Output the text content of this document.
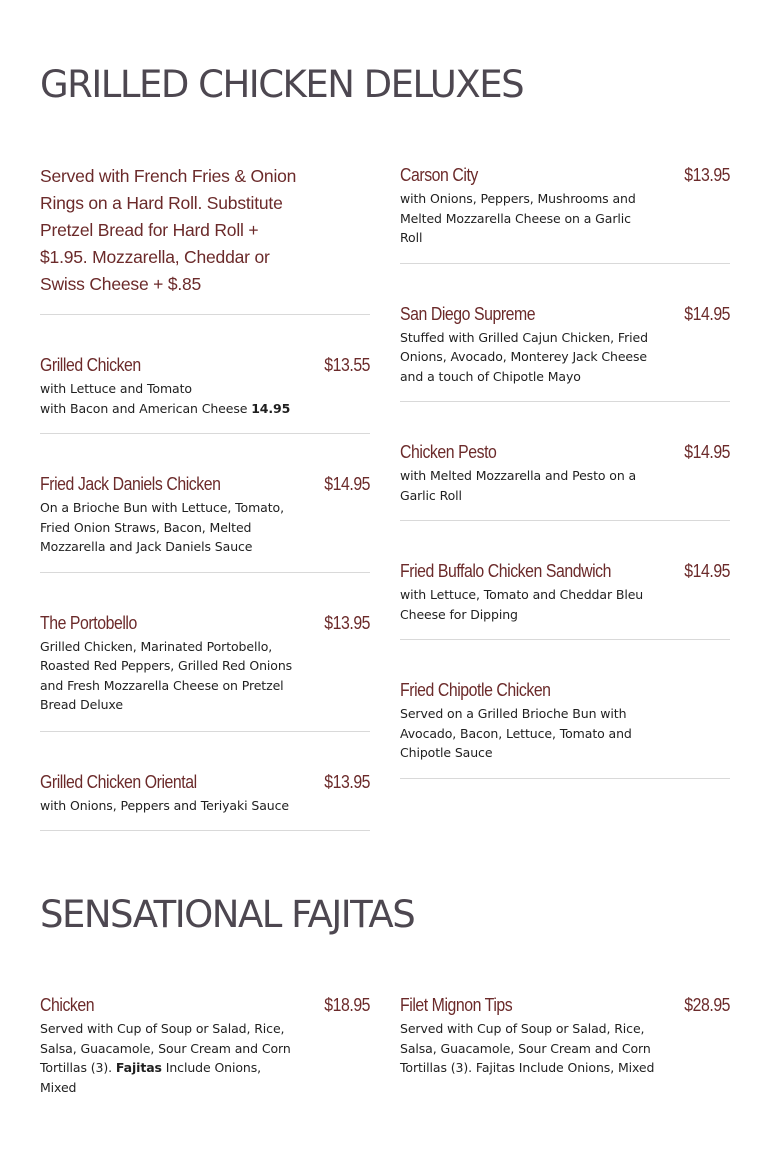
GRILLED CHICKEN DELUXES
Served with French Fries & Onion Rings on a Hard Roll. Substitute Pretzel Bread for Hard Roll + $1.95. Mozzarella, Cheddar or Swiss Cheese + $.85
Grilled Chicken	$13.55
with Lettuce and Tomato
with Bacon and American Cheese 14.95
Fried Jack Daniels Chicken	$14.95
On a Brioche Bun with Lettuce, Tomato, Fried Onion Straws, Bacon, Melted Mozzarella and Jack Daniels Sauce
The Portobello	$13.95
Grilled Chicken, Marinated Portobello, Roasted Red Peppers, Grilled Red Onions and Fresh Mozzarella Cheese on Pretzel Bread Deluxe
Grilled Chicken Oriental	$13.95
with Onions, Peppers and Teriyaki Sauce
Carson City	$13.95
with Onions, Peppers, Mushrooms and Melted Mozzarella Cheese on a Garlic Roll
San Diego Supreme	$14.95
Stuffed with Grilled Cajun Chicken, Fried Onions, Avocado, Monterey Jack Cheese and a touch of Chipotle Mayo
Chicken Pesto	$14.95
with Melted Mozzarella and Pesto on a Garlic Roll
Fried Buffalo Chicken Sandwich	$14.95
with Lettuce, Tomato and Cheddar Bleu Cheese for Dipping
Fried Chipotle Chicken
Served on a Grilled Brioche Bun with Avocado, Bacon, Lettuce, Tomato and Chipotle Sauce
SENSATIONAL FAJITAS
Chicken	$18.95
Served with Cup of Soup or Salad, Rice, Salsa, Guacamole, Sour Cream and Corn Tortillas (3). Fajitas Include Onions, Mixed
Filet Mignon Tips	$28.95
Served with Cup of Soup or Salad, Rice, Salsa, Guacamole, Sour Cream and Corn Tortillas (3). Fajitas Include Onions, Mixed
